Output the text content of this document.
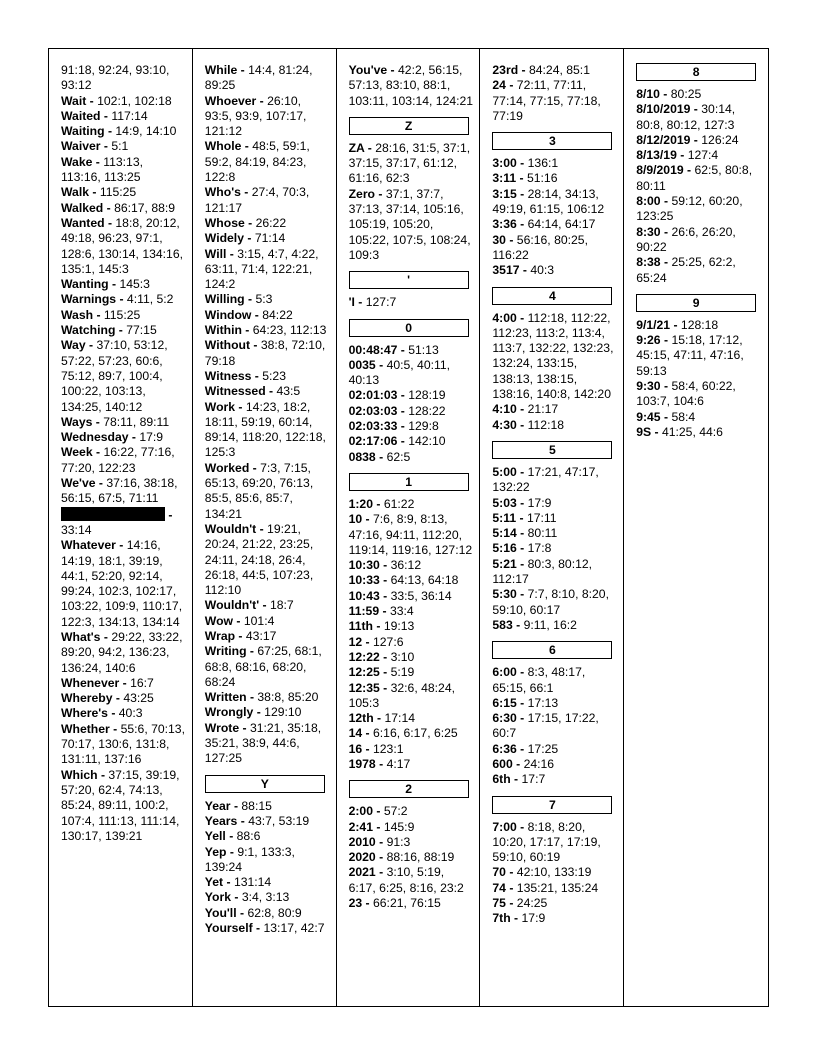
91:18, 92:24, 93:10, 93:12
Wait - 102:1, 102:18
Waited - 117:14
Waiting - 14:9, 14:10
Waiver - 5:1
Wake - 113:13, 113:16, 113:25
Walk - 115:25
Walked - 86:17, 88:9
Wanted - 18:8, 20:12, 49:18, 96:23, 97:1, 128:6, 130:14, 134:16, 135:1, 145:3
Wanting - 145:3
Warnings - 4:11, 5:2
Wash - 115:25
Watching - 77:15
Way - 37:10, 53:12, 57:22, 57:23, 60:6, 75:12, 89:7, 100:4, 100:22, 103:13, 134:25, 140:12
Ways - 78:11, 89:11
Wednesday - 17:9
Week - 16:22, 77:16, 77:20, 122:23
We've - 37:16, 38:18, 56:15, 67:5, 71:11
- 33:14
Whatever - 14:16, 14:19, 18:1, 39:19, 44:1, 52:20, 92:14, 99:24, 102:3, 102:17, 103:22, 109:9, 110:17, 122:3, 134:13, 134:14
What's - 29:22, 33:22, 89:20, 94:2, 136:23, 136:24, 140:6
Whenever - 16:7
Whereby - 43:25
Where's - 40:3
Whether - 55:6, 70:13, 70:17, 130:6, 131:8, 131:11, 137:16
Which - 37:15, 39:19, 57:20, 62:4, 74:13, 85:24, 89:11, 100:2, 107:4, 111:13, 111:14, 130:17, 139:21
While - 14:4, 81:24, 89:25
Whoever - 26:10, 93:5, 93:9, 107:17, 121:12
Whole - 48:5, 59:1, 59:2, 84:19, 84:23, 122:8
Who's - 27:4, 70:3, 121:17
Whose - 26:22
Widely - 71:14
Will - 3:15, 4:7, 4:22, 63:11, 71:4, 122:21, 124:2
Willing - 5:3
Window - 84:22
Within - 64:23, 112:13
Without - 38:8, 72:10, 79:18
Witness - 5:23
Witnessed - 43:5
Work - 14:23, 18:2, 18:11, 59:19, 60:14, 89:14, 118:20, 122:18, 125:3
Worked - 7:3, 7:15, 65:13, 69:20, 76:13, 85:5, 85:6, 85:7, 134:21
Wouldn't - 19:21, 20:24, 21:22, 23:25, 24:11, 24:18, 26:4, 26:18, 44:5, 107:23, 112:10
Wouldn't' - 18:7
Wow - 101:4
Wrap - 43:17
Writing - 67:25, 68:1, 68:8, 68:16, 68:20, 68:24
Written - 38:8, 85:20
Wrongly - 129:10
Wrote - 31:21, 35:18, 35:21, 38:9, 44:6, 127:25
Y
Year - 88:15
Years - 43:7, 53:19
Yell - 88:6
Yep - 9:1, 133:3, 139:24
Yet - 131:14
York - 3:4, 3:13
You'll - 62:8, 80:9
Yourself - 13:17, 42:7
You've - 42:2, 56:15, 57:13, 83:10, 88:1, 103:11, 103:14, 124:21
Z
ZA - 28:16, 31:5, 37:1, 37:15, 37:17, 61:12, 61:16, 62:3
Zero - 37:1, 37:7, 37:13, 37:14, 105:16, 105:19, 105:20, 105:22, 107:5, 108:24, 109:3
'
'I - 127:7
0
00:48:47 - 51:13
0035 - 40:5, 40:11, 40:13
02:01:03 - 128:19
02:03:03 - 128:22
02:03:33 - 129:8
02:17:06 - 142:10
0838 - 62:5
1
1:20 - 61:22
10 - 7:6, 8:9, 8:13, 47:16, 94:11, 112:20, 119:14, 119:16, 127:12
10:30 - 36:12
10:33 - 64:13, 64:18
10:43 - 33:5, 36:14
11:59 - 33:4
11th - 19:13
12 - 127:6
12:22 - 3:10
12:25 - 5:19
12:35 - 32:6, 48:24, 105:3
12th - 17:14
14 - 6:16, 6:17, 6:25
16 - 123:1
1978 - 4:17
2
2:00 - 57:2
2:41 - 145:9
2010 - 91:3
2020 - 88:16, 88:19
2021 - 3:10, 5:19, 6:17, 6:25, 8:16, 23:2
23 - 66:21, 76:15
23rd - 84:24, 85:1
24 - 72:11, 77:11, 77:14, 77:15, 77:18, 77:19
3
3:00 - 136:1
3:11 - 51:16
3:15 - 28:14, 34:13, 49:19, 61:15, 106:12
3:36 - 64:14, 64:17
30 - 56:16, 80:25, 116:22
3517 - 40:3
4
4:00 - 112:18, 112:22, 112:23, 113:2, 113:4, 113:7, 132:22, 132:23, 132:24, 133:15, 138:13, 138:15, 138:16, 140:8, 142:20
4:10 - 21:17
4:30 - 112:18
5
5:00 - 17:21, 47:17, 132:22
5:03 - 17:9
5:11 - 17:11
5:14 - 80:11
5:16 - 17:8
5:21 - 80:3, 80:12, 112:17
5:30 - 7:7, 8:10, 8:20, 59:10, 60:17
583 - 9:11, 16:2
6
6:00 - 8:3, 48:17, 65:15, 66:1
6:15 - 17:13
6:30 - 17:15, 17:22, 60:7
6:36 - 17:25
600 - 24:16
6th - 17:7
7
7:00 - 8:18, 8:20, 10:20, 17:17, 17:19, 59:10, 60:19
70 - 42:10, 133:19
74 - 135:21, 135:24
75 - 24:25
7th - 17:9
8
8/10 - 80:25
8/10/2019 - 30:14, 80:8, 80:12, 127:3
8/12/2019 - 126:24
8/13/19 - 127:4
8/9/2019 - 62:5, 80:8, 80:11
8:00 - 59:12, 60:20, 123:25
8:30 - 26:6, 26:20, 90:22
8:38 - 25:25, 62:2, 65:24
9
9/1/21 - 128:18
9:26 - 15:18, 17:12, 45:15, 47:11, 47:16, 59:13
9:30 - 58:4, 60:22, 103:7, 104:6
9:45 - 58:4
9S - 41:25, 44:6
